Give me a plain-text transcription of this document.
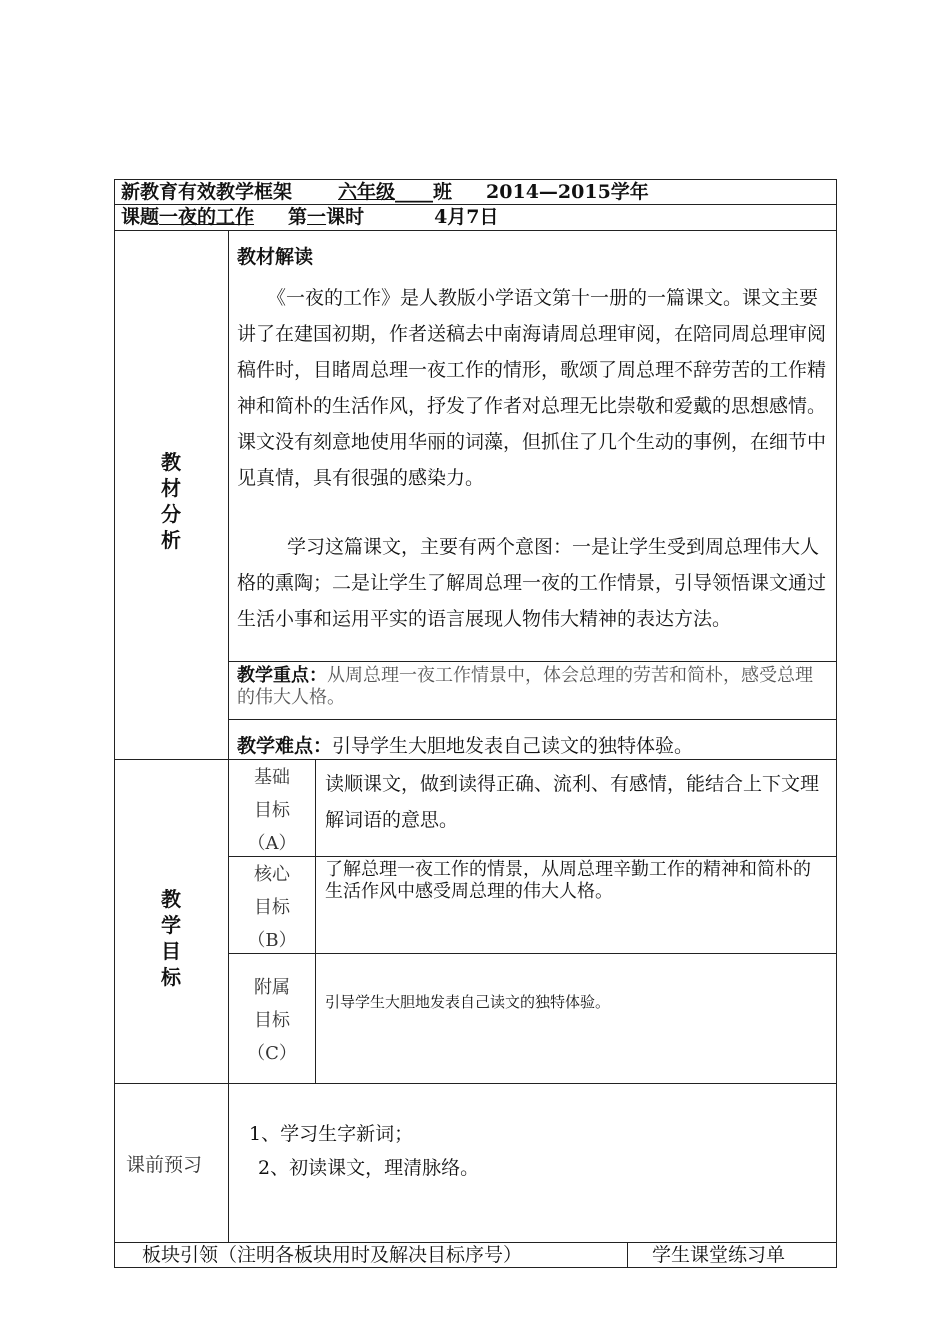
新教育有效教学框架 六年级____班 2014—2015学年
课题一夜的工作 第一课时	4月7日
教
材
分
析
教材解读

《一夜的工作》是人教版小学语文第十一册的一篇课文。课文主要讲了在建国初期，作者送稿去中南海请周总理审阅，在陪同周总理审阅稿件时，目睹周总理一夜工作的情形，歌颂了周总理不辞劳苦的工作精神和简朴的生活作风，抒发了作者对总理无比崇敬和爱戴的思想感情。课文没有刻意地使用华丽的词藻，但抓住了几个生动的事例，在细节中见真情，具有很强的感染力。

学习这篇课文，主要有两个意图：一是让学生受到周总理伟大人格的熏陶；二是让学生了解周总理一夜的工作情景，引导领悟课文通过生活小事和运用平实的语言展现人物伟大精神的表达方法。

教学重点：从周总理一夜工作情景中，体会总理的劳苦和简朴，感受总理的伟大人格。
教学难点：引导学生大胆地发表自己读文的独特体验。
教
学
目
标
基础
目标
（A）
读顺课文，做到读得正确、流利、有感情，能结合上下文理解词语的意思。
核心
目标
（B）
了解总理一夜工作的情景，从周总理辛勤工作的精神和简朴的生活作风中感受周总理的伟大人格。
附属
目标
（C）
引导学生大胆地发表自己读文的独特体验。
课前预习
1、学习生字新词；
2、初读课文，理清脉络。
板块引领（注明各板块用时及解决目标序号）	学生课堂练习单
